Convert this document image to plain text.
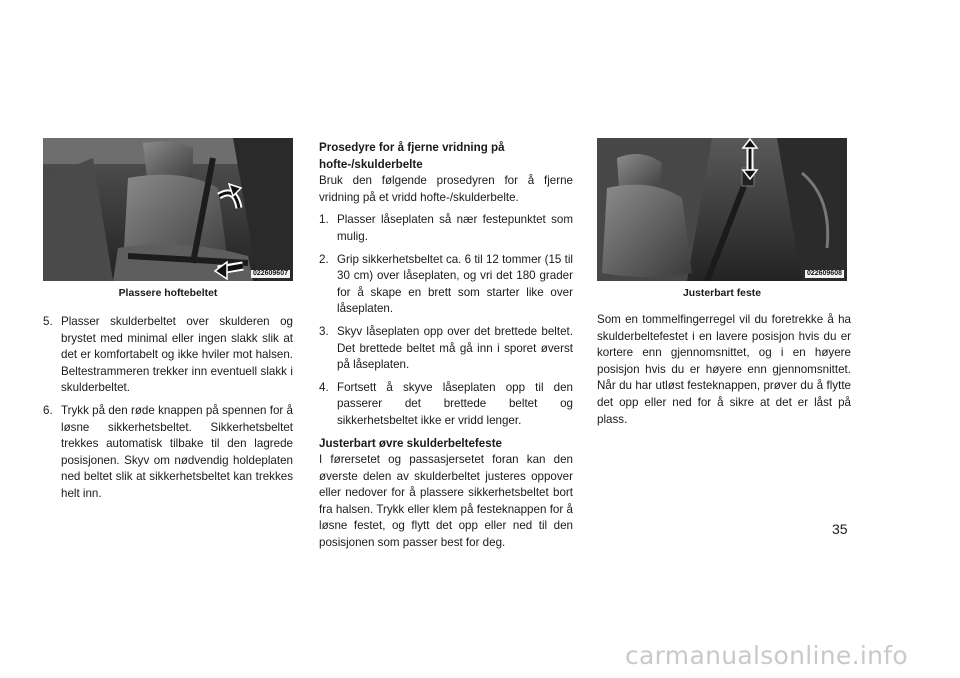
022609607
Plassere hoftebeltet
5. Plasser skulderbeltet over skulderen og brystet med minimal eller ingen slakk slik at det er komfortabelt og ikke hviler mot halsen. Beltestrammeren trekker inn eventuell slakk i skulderbeltet.
6. Trykk på den røde knappen på spennen for å løsne sikkerhetsbeltet. Sikkerhetsbeltet trekkes automatisk tilbake til den lagrede posisjonen. Skyv om nødvendig holdeplaten ned beltet slik at sikkerhetsbeltet kan trekkes helt inn.

Prosedyre for å fjerne vridning på
hofte-/skulderbelte

Bruk den følgende prosedyren for å fjerne vridning på et vridd hofte-/skulderbelte.

1. Plasser låseplaten så nær festepunktet som mulig.
2. Grip sikkerhetsbeltet ca. 6 til 12 tommer (15 til 30 cm) over låseplaten, og vri det 180 grader for å skape en brett som starter like over låseplaten.
3. Skyv låseplaten opp over det brettede beltet. Det brettede beltet må gå inn i sporet øverst på låseplaten.
4. Fortsett å skyve låseplaten opp til den passerer det brettede beltet og sikkerhetsbeltet ikke er vridd lenger.

Justerbart øvre skulderbeltefeste

I førersetet og passasjersetet foran kan den øverste delen av skulderbeltet justeres oppover eller nedover for å plassere sikkerhetsbeltet bort fra halsen. Trykk eller klem på festeknappen for å løsne festet, og flytt det opp eller ned til den posisjonen som passer best for deg.

022609608
Justerbart feste

Som en tommelfingerregel vil du foretrekke å ha skulderbeltefestet i en lavere posisjon hvis du er kortere enn gjennomsnittet, og i en høyere posisjon hvis du er høyere enn gjennomsnittet. Når du har utløst festeknappen, prøver du å flytte det opp eller ned for å sikre at det er låst på plass.

35
carmanualsonline.info
